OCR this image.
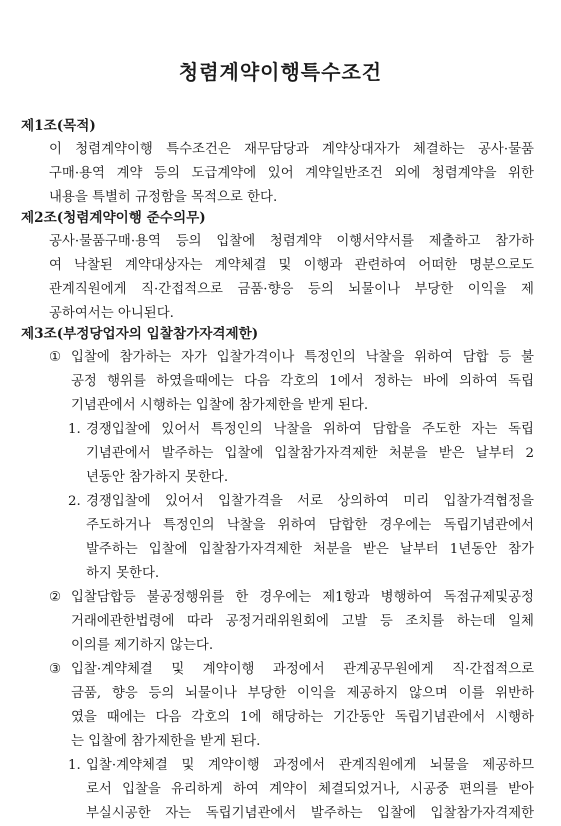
청렴계약이행특수조건
제1조(목적)
이 청렴계약이행 특수조건은 재무담당과 계약상대자가 체결하는 공사·물품
구매·용역 계약 등의 도급계약에 있어 계약일반조건 외에 청렴계약을 위한
내용을 특별히 규정함을 목적으로 한다.
제2조(청렴계약이행 준수의무)
공사·물품구매·용역 등의 입찰에 청렴계약 이행서약서를 제출하고 참가하
여 낙찰된 계약대상자는 계약체결 및 이행과 관련하여 어떠한 명분으로도
관계직원에게 직·간접적으로 금품·향응 등의 뇌물이나 부당한 이익을 제
공하여서는 아니된다.
제3조(부정당업자의 입찰참가자격제한)
① 입찰에 참가하는 자가 입찰가격이나 특정인의 낙찰을 위하여 담합 등 불
공정 행위를 하였을때에는 다음 각호의 1에서 정하는 바에 의하여 독립
기념관에서 시행하는 입찰에 참가제한을 받게 된다.
1. 경쟁입찰에 있어서 특정인의 낙찰을 위하여 담합을 주도한 자는 독립
기념관에서 발주하는 입찰에 입찰참가자격제한 처분을 받은 날부터 2
년동안 참가하지 못한다.
2. 경쟁입찰에 있어서 입찰가격을 서로 상의하여 미리 입찰가격협정을
주도하거나 특정인의 낙찰을 위하여 담합한 경우에는 독립기념관에서
발주하는 입찰에 입찰참가자격제한 처분을 받은 날부터 1년동안 참가
하지 못한다.
② 입찰담합등 불공정행위를 한 경우에는 제1항과 병행하여 독점규제및공정
거래에관한법령에 따라 공정거래위원회에 고발 등 조치를 하는데 일체
이의를 제기하지 않는다.
③ 입찰·계약체결 및 계약이행 과정에서 관계공무원에게 직·간접적으로
금품, 향응 등의 뇌물이나 부당한 이익을 제공하지 않으며 이를 위반하
였을 때에는 다음 각호의 1에 해당하는 기간동안 독립기념관에서 시행하
는 입찰에 참가제한을 받게 된다.
1. 입찰·계약체결 및 계약이행 과정에서 관계직원에게 뇌물을 제공하므
로서 입찰을 유리하게 하여 계약이 체결되었거나, 시공중 편의를 받아
부실시공한 자는 독립기념관에서 발주하는 입찰에 입찰참가자격제한
